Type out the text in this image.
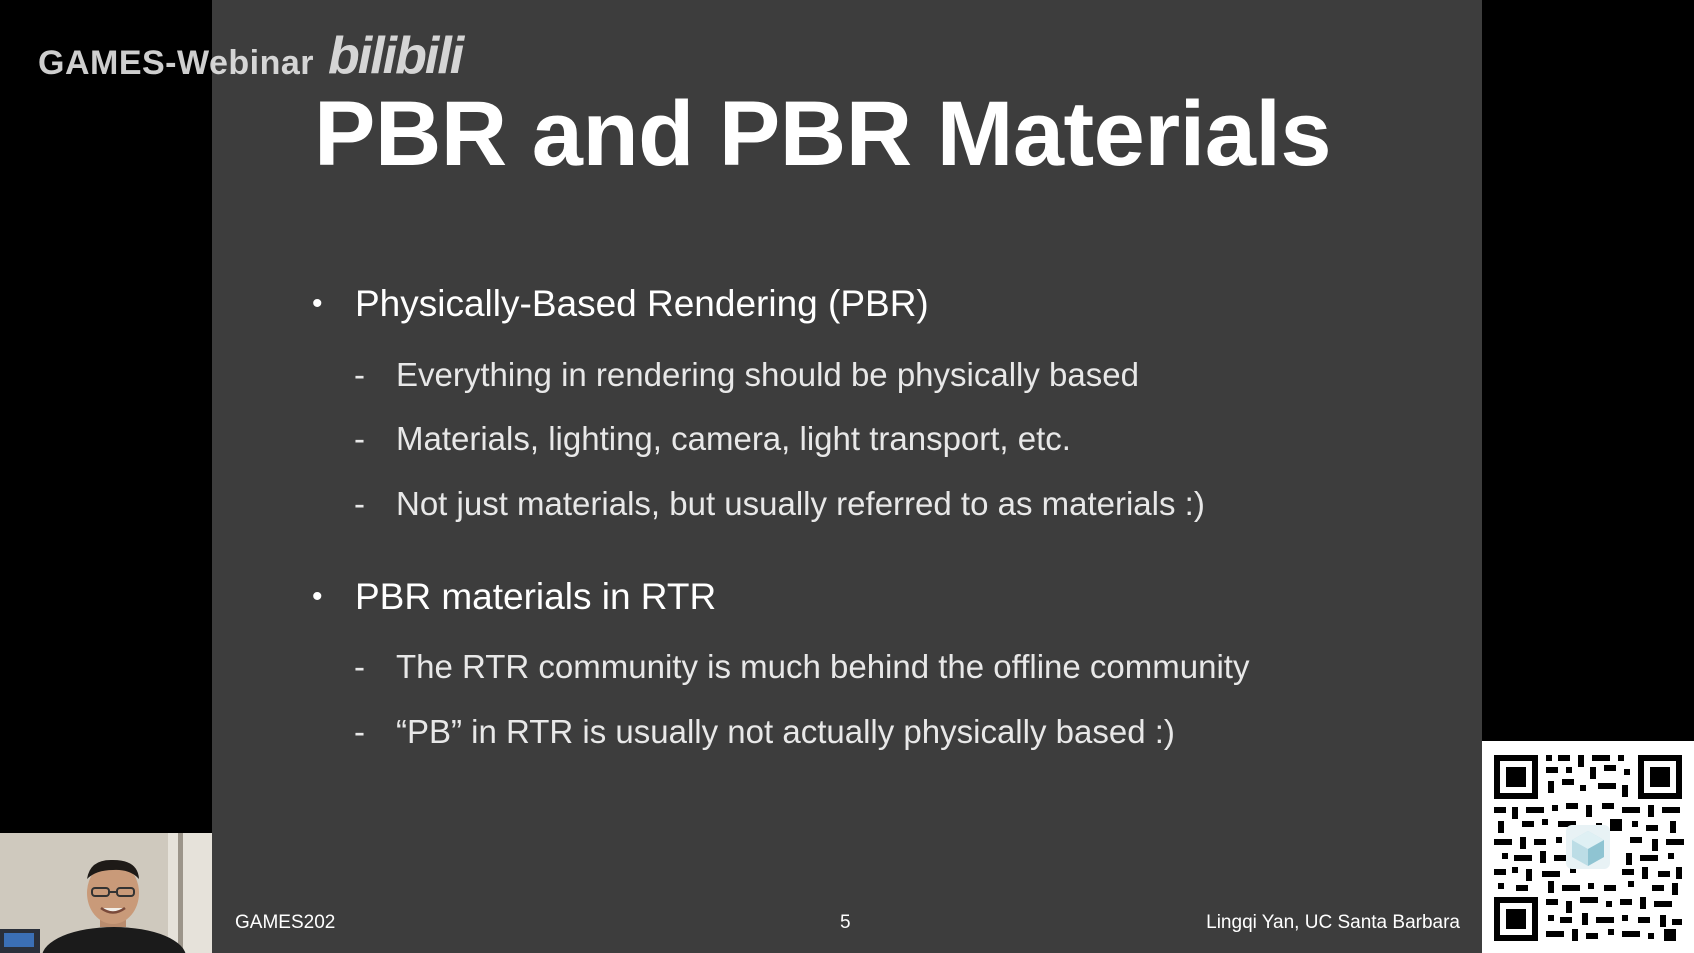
PBR and PBR Materials
• Physically-Based Rendering (PBR)
- Everything in rendering should be physically based
- Materials, lighting, camera, light transport, etc.
- Not just materials, but usually referred to as materials :)
• PBR materials in RTR
- The RTR community is much behind the offline community
- “PB” in RTR is usually not actually physically based :)
GAMES202	5	Lingqi Yan, UC Santa Barbara
GAMES-Webinar bilibili
